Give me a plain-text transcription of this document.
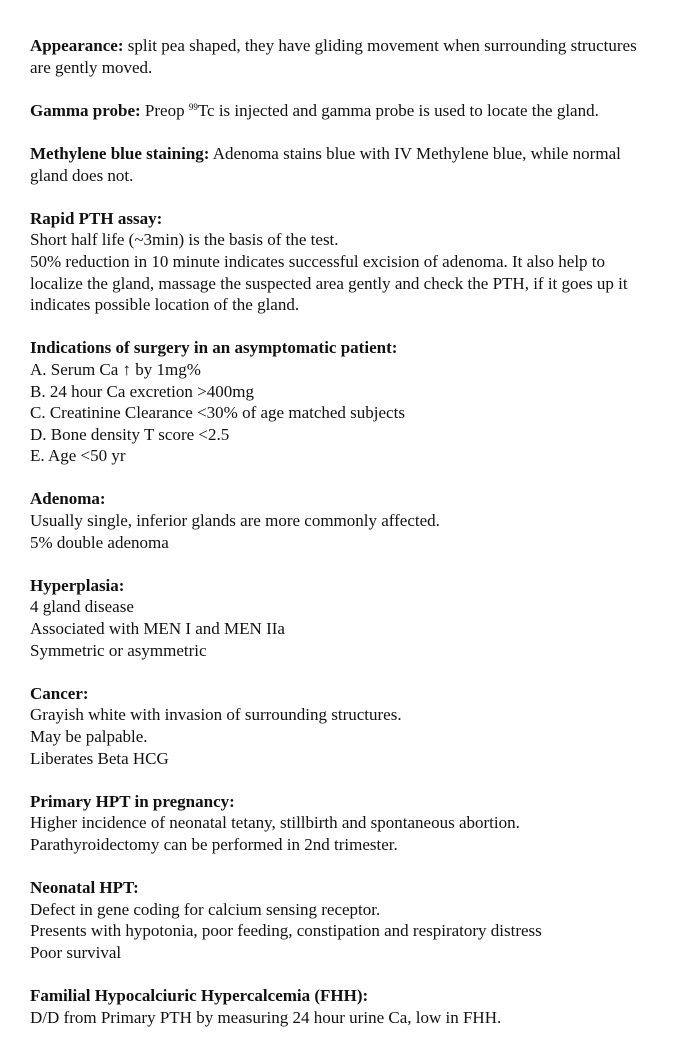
Appearance: split pea shaped, they have gliding movement when surrounding structures
are gently moved.
Gamma probe: Preop $^{99}$Tc is injected and gamma probe is used to locate the gland.
Methylene blue staining: Adenoma stains blue with IV Methylene blue, while normal
gland does not.
Rapid PTH assay:
Short half life (~3min) is the basis of the test.
50% reduction in 10 minute indicates successful excision of adenoma. It also help to
localize the gland, massage the suspected area gently and check the PTH, if it goes up it
indicates possible location of the gland.
Indications of surgery in an asymptomatic patient:
A. Serum Ca ↑ by 1mg%
B. 24 hour Ca excretion >400mg
C. Creatinine Clearance <30% of age matched subjects
D. Bone density T score <2.5
E. Age <50 yr
Adenoma:
Usually single, inferior glands are more commonly affected.
5% double adenoma
Hyperplasia:
4 gland disease
Associated with MEN I and MEN IIa
Symmetric or asymmetric
Cancer:
Grayish white with invasion of surrounding structures.
May be palpable.
Liberates Beta HCG
Primary HPT in pregnancy:
Higher incidence of neonatal tetany, stillbirth and spontaneous abortion.
Parathyroidectomy can be performed in 2nd trimester.
Neonatal HPT:
Defect in gene coding for calcium sensing receptor.
Presents with hypotonia, poor feeding, constipation and respiratory distress
Poor survival
Familial Hypocalciuric Hypercalcemia (FHH):
D/D from Primary PTH by measuring 24 hour urine Ca, low in FHH.
